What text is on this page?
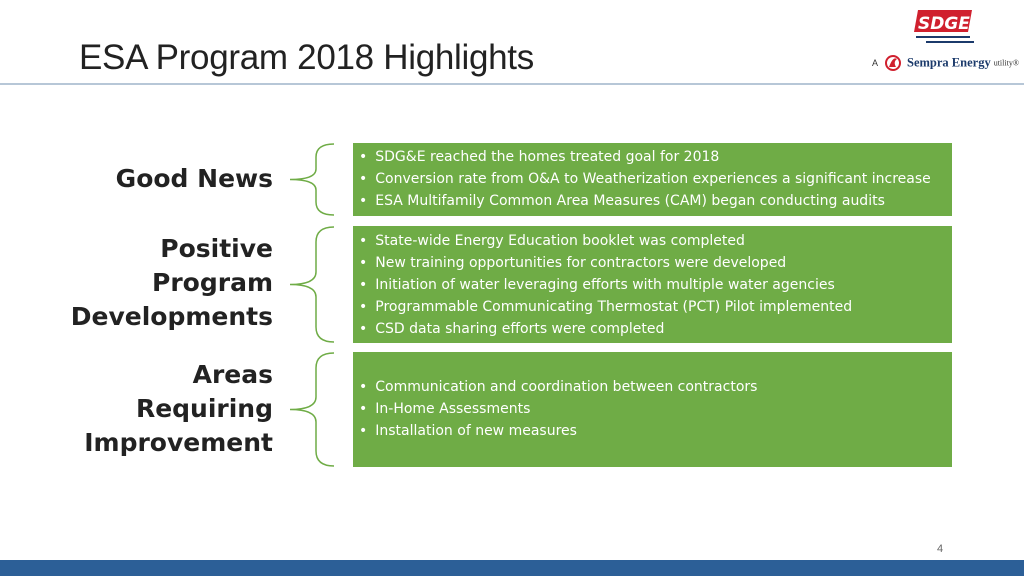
ESA Program 2018 Highlights
SDGE
A Sempra Energy utility®
Good News
• SDG&E reached the homes treated goal for 2018
• Conversion rate from O&A to Weatherization experiences a significant increase
• ESA Multifamily Common Area Measures (CAM) began conducting audits
Positive
Program
Developments
• State-wide Energy Education booklet was completed
• New training opportunities for contractors were developed
• Initiation of water leveraging efforts with multiple water agencies
• Programmable Communicating Thermostat (PCT) Pilot implemented
• CSD data sharing efforts were completed
Areas
Requiring
Improvement
• Communication and coordination between contractors
• In-Home Assessments
• Installation of new measures
4
